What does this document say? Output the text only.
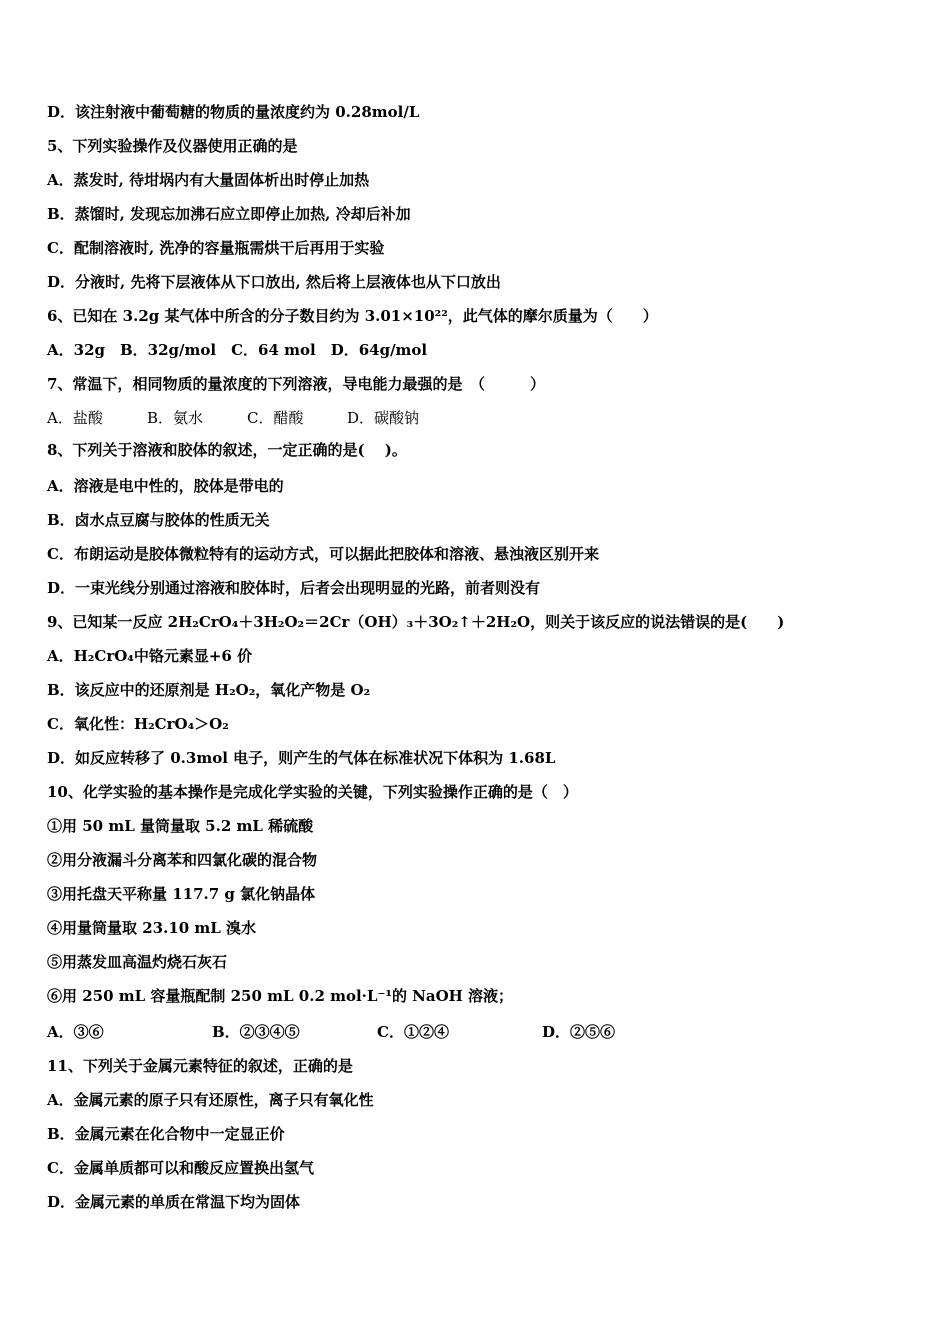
D．该注射液中葡萄糖的物质的量浓度约为 0.28mol/L
5、下列实验操作及仪器使用正确的是
A．蒸发时, 待坩埚内有大量固体析出时停止加热
B．蒸馏时, 发现忘加沸石应立即停止加热, 冷却后补加
C．配制溶液时, 洗净的容量瓶需烘干后再用于实验
D．分液时, 先将下层液体从下口放出, 然后将上层液体也从下口放出
6、已知在 3.2g 某气体中所含的分子数目约为 3.01×10²²，此气体的摩尔质量为（　　）
A．32g　B．32g/mol　C．64 mol　D．64g/mol
7、常温下，相同物质的量浓度的下列溶液，导电能力最强的是　（　　　）
A．盐酸	B．氨水	C．醋酸	D．碳酸钠
8、下列关于溶液和胶体的叙述，一定正确的是(　 )。
A．溶液是电中性的，胶体是带电的
B．卤水点豆腐与胶体的性质无关
C．布朗运动是胶体微粒特有的运动方式，可以据此把胶体和溶液、悬浊液区别开来
D．一束光线分别通过溶液和胶体时，后者会出现明显的光路，前者则没有
9、已知某一反应 2H₂CrO₄＋3H₂O₂＝2Cr（OH）₃＋3O₂↑＋2H₂O，则关于该反应的说法错误的是(　　)
A．H₂CrO₄中铬元素显+6 价
B．该反应中的还原剂是 H₂O₂，氧化产物是 O₂
C．氧化性：H₂CrO₄＞O₂
D．如反应转移了 0.3mol 电子，则产生的气体在标准状况下体积为 1.68L
10、化学实验的基本操作是完成化学实验的关键，下列实验操作正确的是（　）
①用 50 mL 量筒量取 5.2 mL 稀硫酸
②用分液漏斗分离苯和四氯化碳的混合物
③用托盘天平称量 117.7 g 氯化钠晶体
④用量筒量取 23.10 mL 溴水
⑤用蒸发皿高温灼烧石灰石
⑥用 250 mL 容量瓶配制 250 mL 0.2 mol·L⁻¹的 NaOH 溶液；
A．③⑥	B．②③④⑤	C．①②④	D．②⑤⑥
11、下列关于金属元素特征的叙述，正确的是
A．金属元素的原子只有还原性，离子只有氧化性
B．金属元素在化合物中一定显正价
C．金属单质都可以和酸反应置换出氢气
D．金属元素的单质在常温下均为固体
